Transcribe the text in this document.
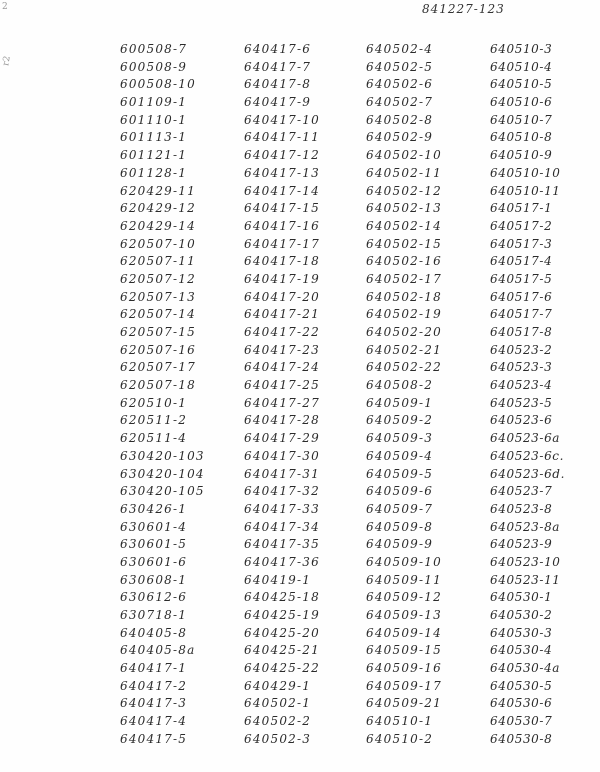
2
r2
841227-123
600508-7
600508-9
600508-10
601109-1
601110-1
601113-1
601121-1
601128-1
620429-11
620429-12
620429-14
620507-10
620507-11
620507-12
620507-13
620507-14
620507-15
620507-16
620507-17
620507-18
620510-1
620511-2
620511-4
630420-103
630420-104
630420-105
630426-1
630601-4
630601-5
630601-6
630608-1
630612-6
630718-1
640405-8
640405-8a
640417-1
640417-2
640417-3
640417-4
640417-5
640417-6
640417-7
640417-8
640417-9
640417-10
640417-11
640417-12
640417-13
640417-14
640417-15
640417-16
640417-17
640417-18
640417-19
640417-20
640417-21
640417-22
640417-23
640417-24
640417-25
640417-27
640417-28
640417-29
640417-30
640417-31
640417-32
640417-33
640417-34
640417-35
640417-36
640419-1
640425-18
640425-19
640425-20
640425-21
640425-22
640429-1
640502-1
640502-2
640502-3
640502-4
640502-5
640502-6
640502-7
640502-8
640502-9
640502-10
640502-11
640502-12
640502-13
640502-14
640502-15
640502-16
640502-17
640502-18
640502-19
640502-20
640502-21
640502-22
640508-2
640509-1
640509-2
640509-3
640509-4
640509-5
640509-6
640509-7
640509-8
640509-9
640509-10
640509-11
640509-12
640509-13
640509-14
640509-15
640509-16
640509-17
640509-21
640510-1
640510-2
640510-3
640510-4
640510-5
640510-6
640510-7
640510-8
640510-9
640510-10
640510-11
640517-1
640517-2
640517-3
640517-4
640517-5
640517-6
640517-7
640517-8
640523-2
640523-3
640523-4
640523-5
640523-6
640523-6a
640523-6c.
640523-6d.
640523-7
640523-8
640523-8a
640523-9
640523-10
640523-11
640530-1
640530-2
640530-3
640530-4
640530-4a
640530-5
640530-6
640530-7
640530-8
